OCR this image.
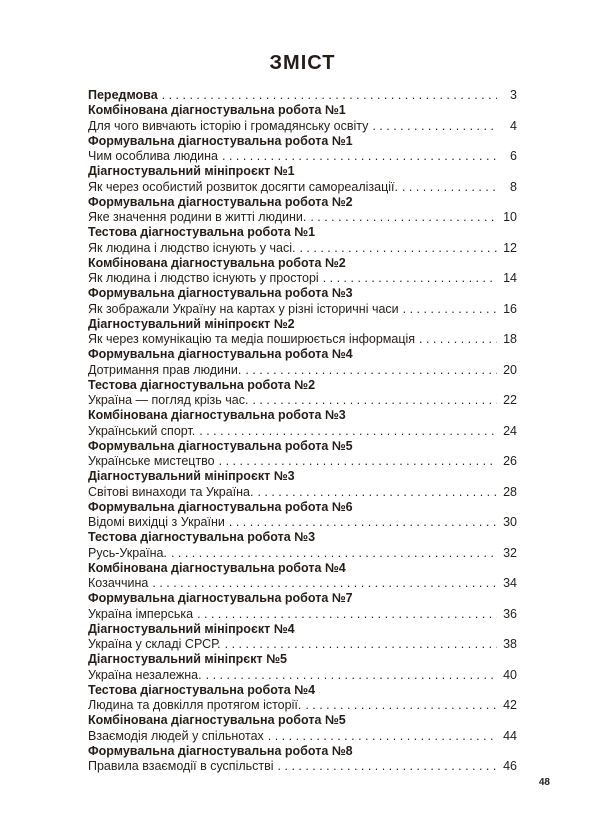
ЗМІСТ
Передмова . . .	3
Комбінована діагностувальна робота №1
Для чого вивчають історію і громадянську освіту . . .	4
Формувальна діагностувальна робота №1
Чим особлива людина . . .	6
Діагностувальний мініпроєкт №1
Як через особистий розвиток досягти самореалізації. . . .	8
Формувальна діагностувальна робота №2
Яке значення родини в житті людини. . . .	10
Тестова діагностувальна робота №1
Як людина і людство існують у часі. . . .	12
Комбінована діагностувальна робота №2
Як людина і людство існують у просторі . . .	14
Формувальна діагностувальна робота №3
Як зображали Україну на картах у різні історичні часи . . .	16
Діагностувальний мініпроєкт №2
Як через комунікацію та медіа поширюється інформація . . .	18
Формувальна діагностувальна робота №4
Дотримання прав людини. . . .	20
Тестова діагностувальна робота №2
Україна — погляд крізь час. . . .	22
Комбінована діагностувальна робота №3
Український спорт. . . .	24
Формувальна діагностувальна робота №5
Українське мистецтво . . .	26
Діагностувальний мініпроєкт №3
Світові винаходи та Україна. . . .	28
Формувальна діагностувальна робота №6
Відомі вихідці з України . . .	30
Тестова діагностувальна робота №3
Русь-Україна. . . .	32
Комбінована діагностувальна робота №4
Козаччина . . .	34
Формувальна діагностувальна робота №7
Україна імперська . . .	36
Діагностувальний мініпроєкт №4
Україна у складі СРСР. . . .	38
Діагностувальний мініпрєкт №5
Україна незалежна. . . .	40
Тестова діагностувальна робота №4
Людина та довкілля протягом історії. . . .	42
Комбінована діагностувальна робота №5
Взаємодія людей у спільнотах . . .	44
Формувальна діагностувальна робота №8
Правила взаємодії в суспільстві . . .	46
48
